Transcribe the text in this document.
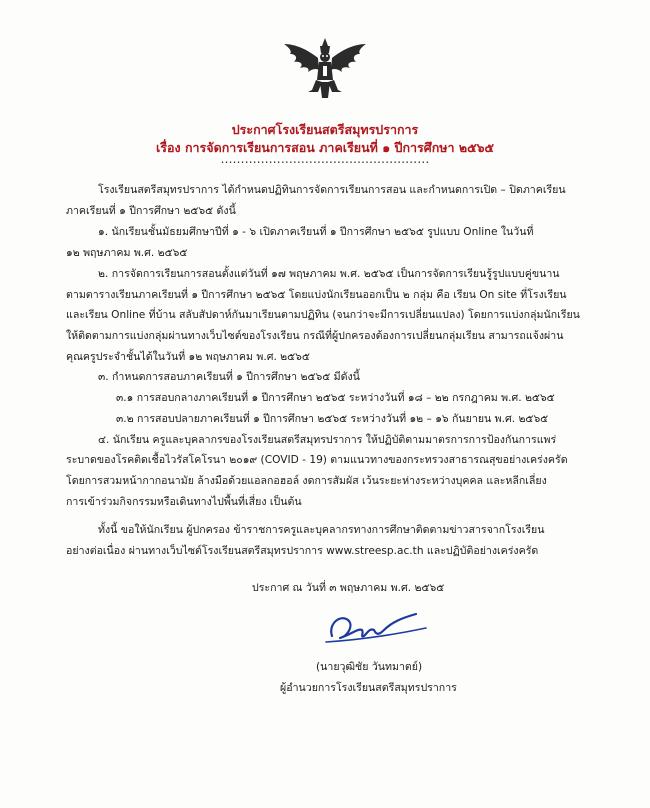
ประกาศโรงเรียนสตรีสมุทรปราการ
เรื่อง การจัดการเรียนการสอน ภาคเรียนที่ ๑ ปีการศึกษา ๒๕๖๕
....................................................
โรงเรียนสตรีสมุทรปราการ ได้กำหนดปฏิทินการจัดการเรียนการสอน และกำหนดการเปิด – ปิดภาคเรียน
ภาคเรียนที่ ๑ ปีการศึกษา ๒๕๖๕ ดังนี้
๑. นักเรียนชั้นมัธยมศึกษาปีที่ ๑ - ๖ เปิดภาคเรียนที่ ๑ ปีการศึกษา ๒๕๖๕ รูปแบบ Online ในวันที่
๑๒ พฤษภาคม พ.ศ. ๒๕๖๕
๒. การจัดการเรียนการสอนตั้งแต่วันที่ ๑๗ พฤษภาคม พ.ศ. ๒๕๖๕ เป็นการจัดการเรียนรู้รูปแบบคู่ขนาน
ตามตารางเรียนภาคเรียนที่ ๑ ปีการศึกษา ๒๕๖๕ โดยแบ่งนักเรียนออกเป็น ๒ กลุ่ม คือ เรียน On site ที่โรงเรียน
และเรียน Online ที่บ้าน สลับสัปดาห์กันมาเรียนตามปฏิทิน (จนกว่าจะมีการเปลี่ยนแปลง) โดยการแบ่งกลุ่มนักเรียน
ให้ติดตามการแบ่งกลุ่มผ่านทางเว็บไซต์ของโรงเรียน กรณีที่ผู้ปกครองต้องการเปลี่ยนกลุ่มเรียน สามารถแจ้งผ่าน
คุณครูประจำชั้นได้ในวันที่ ๑๒ พฤษภาคม พ.ศ. ๒๕๖๕
๓. กำหนดการสอบภาคเรียนที่ ๑ ปีการศึกษา ๒๕๖๕ มีดังนี้
๓.๑ การสอบกลางภาคเรียนที่ ๑ ปีการศึกษา ๒๕๖๕ ระหว่างวันที่ ๑๘ – ๒๒ กรกฎาคม พ.ศ. ๒๕๖๕
๓.๒ การสอบปลายภาคเรียนที่ ๑ ปีการศึกษา ๒๕๖๕ ระหว่างวันที่ ๑๒ – ๑๖ กันยายน พ.ศ. ๒๕๖๕
๔. นักเรียน ครูและบุคลากรของโรงเรียนสตรีสมุทรปราการ ให้ปฏิบัติตามมาตรการการป้องกันการแพร่
ระบาดของโรคติดเชื้อไวรัสโคโรนา ๒๐๑๙ (COVID - 19) ตามแนวทางของกระทรวงสาธารณสุขอย่างเคร่งครัด
โดยการสวมหน้ากากอนามัย ล้างมือด้วยแอลกอฮอล์ งดการสัมผัส เว้นระยะห่างระหว่างบุคคล และหลีกเลี่ยง
การเข้าร่วมกิจกรรมหรือเดินทางไปพื้นที่เสี่ยง เป็นต้น
ทั้งนี้ ขอให้นักเรียน ผู้ปกครอง ข้าราชการครูและบุคลากรทางการศึกษาติดตามข่าวสารจากโรงเรียน
อย่างต่อเนื่อง ผ่านทางเว็บไซต์โรงเรียนสตรีสมุทรปราการ www.streesp.ac.th และปฏิบัติอย่างเคร่งครัด
ประกาศ ณ วันที่ ๓ พฤษภาคม พ.ศ. ๒๕๖๕
(นายวุฒิชัย วันทมาตย์)
ผู้อำนวยการโรงเรียนสตรีสมุทรปราการ
